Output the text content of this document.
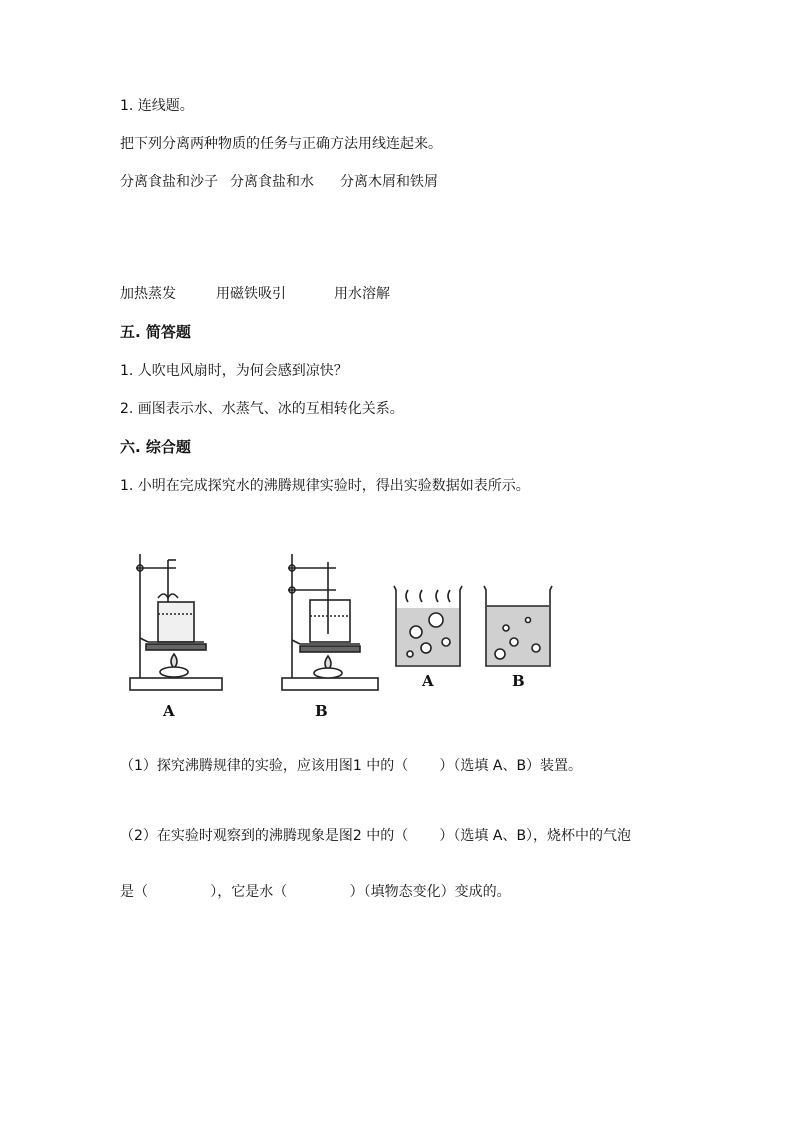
1. 连线题。
把下列分离两种物质的任务与正确方法用线连起来。
分离食盐和沙子 分离食盐和水 分离木屑和铁屑
加热蒸发	用磁铁吸引	用水溶解
五. 简答题
1. 人吹电风扇时，为何会感到凉快？
2. 画图表示水、水蒸气、冰的互相转化关系。
六. 综合题
1. 小明在完成探究水的沸腾规律实验时，得出实验数据如表所示。
A	B
A	B
（1）探究沸腾规律的实验，应该用图1 中的（       ）（选填 A、B）装置。
（2）在实验时观察到的沸腾现象是图2 中的（       ）（选填 A、B），烧杯中的气泡
是（              ），它是水（              ）（填物态变化）变成的。
